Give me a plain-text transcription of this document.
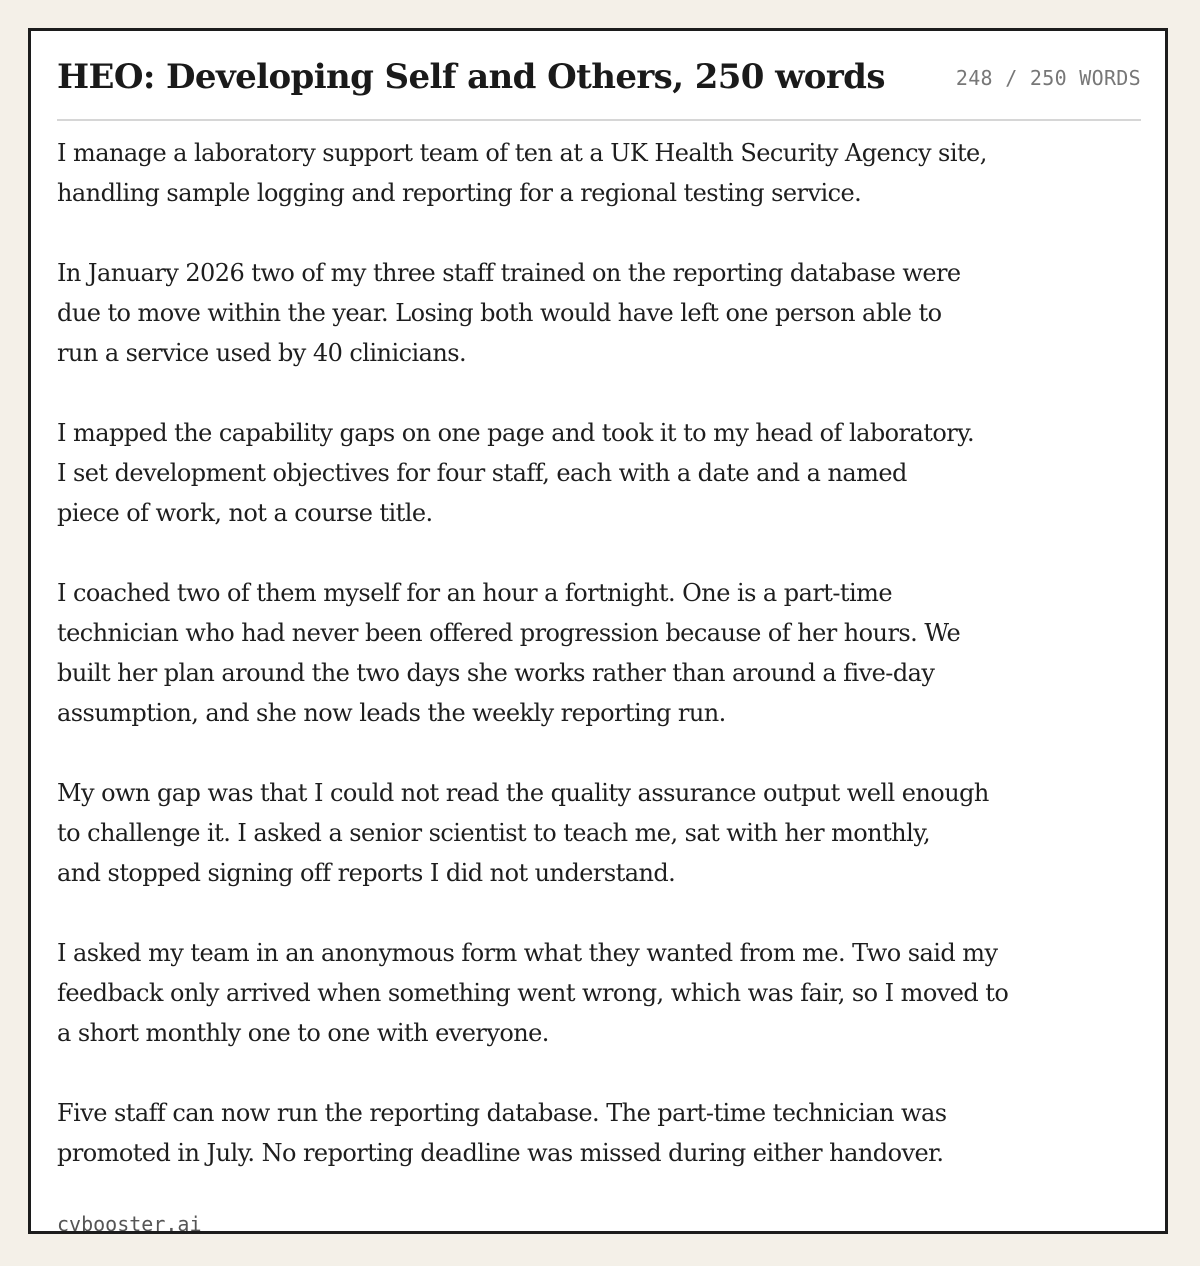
HEO: Developing Self and Others, 250 words	248 / 250 WORDS

I manage a laboratory support team of ten at a UK Health Security Agency site,
handling sample logging and reporting for a regional testing service.

In January 2026 two of my three staff trained on the reporting database were
due to move within the year. Losing both would have left one person able to
run a service used by 40 clinicians.

I mapped the capability gaps on one page and took it to my head of laboratory.
I set development objectives for four staff, each with a date and a named
piece of work, not a course title.

I coached two of them myself for an hour a fortnight. One is a part-time
technician who had never been offered progression because of her hours. We
built her plan around the two days she works rather than around a five-day
assumption, and she now leads the weekly reporting run.

My own gap was that I could not read the quality assurance output well enough
to challenge it. I asked a senior scientist to teach me, sat with her monthly,
and stopped signing off reports I did not understand.

I asked my team in an anonymous form what they wanted from me. Two said my
feedback only arrived when something went wrong, which was fair, so I moved to
a short monthly one to one with everyone.

Five staff can now run the reporting database. The part-time technician was
promoted in July. No reporting deadline was missed during either handover.

cvbooster.ai
